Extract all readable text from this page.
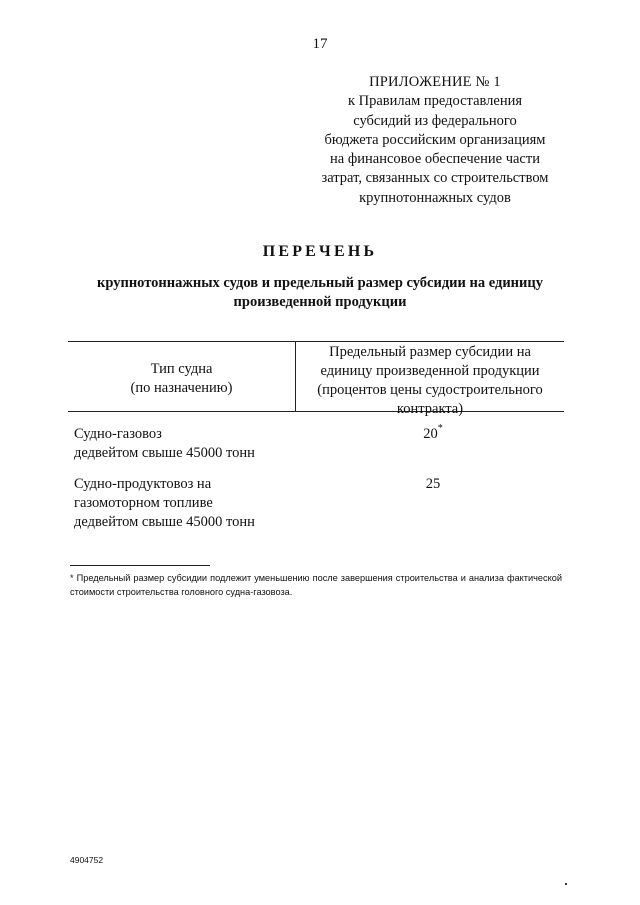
17
ПРИЛОЖЕНИЕ № 1
к Правилам предоставления
субсидий из федерального
бюджета российским организациям
на финансовое обеспечение части
затрат, связанных со строительством
крупнотоннажных судов
ПЕРЕЧЕНЬ
крупнотоннажных судов и предельный размер субсидии на единицу
произведенной продукции
Тип судна
(по назначению)
Предельный размер субсидии на
единицу произведенной продукции
(процентов цены судостроительного
контракта)
Судно-газовоз
дедвейтом свыше 45000 тонн
20*
Судно-продуктовоз на
газомоторном топливе
дедвейтом свыше 45000 тонн
25
* Предельный размер субсидии подлежит уменьшению после завершения строительства и анализа фактической стоимости строительства головного судна-газовоза.
4904752
